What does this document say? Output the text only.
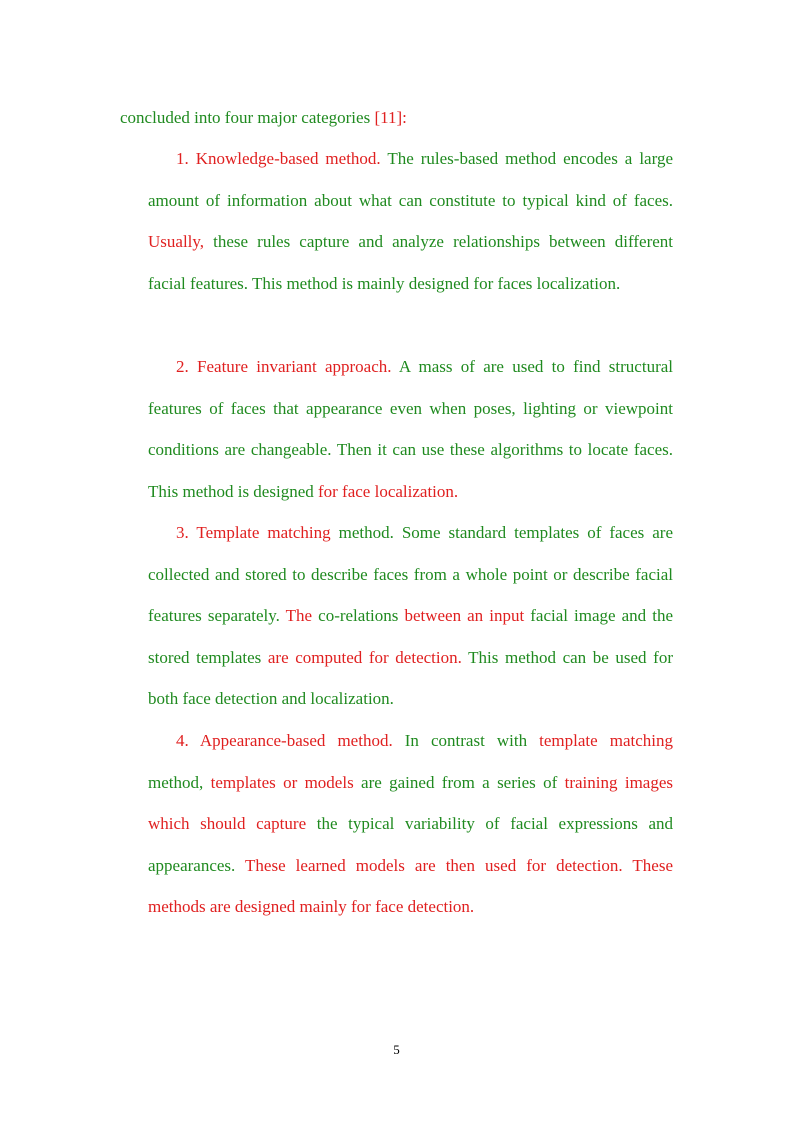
concluded into four major categories [11]:

1. Knowledge-based method. The rules-based method encodes a large amount of information about what can constitute to typical kind of faces. Usually, these rules capture and analyze relationships between different facial features. This method is mainly designed for faces localization.

2. Feature invariant approach. A mass of are used to find structural features of faces that appearance even when poses, lighting or viewpoint conditions are changeable. Then it can use these algorithms to locate faces. This method is designed for face localization.

3. Template matching method. Some standard templates of faces are collected and stored to describe faces from a whole point or describe facial features separately. The co-relations between an input facial image and the stored templates are computed for detection. This method can be used for both face detection and localization.

4. Appearance-based method. In contrast with template matching method, templates or models are gained from a series of training images which should capture the typical variability of facial expressions and appearances. These learned models are then used for detection. These methods are designed mainly for face detection.

5
